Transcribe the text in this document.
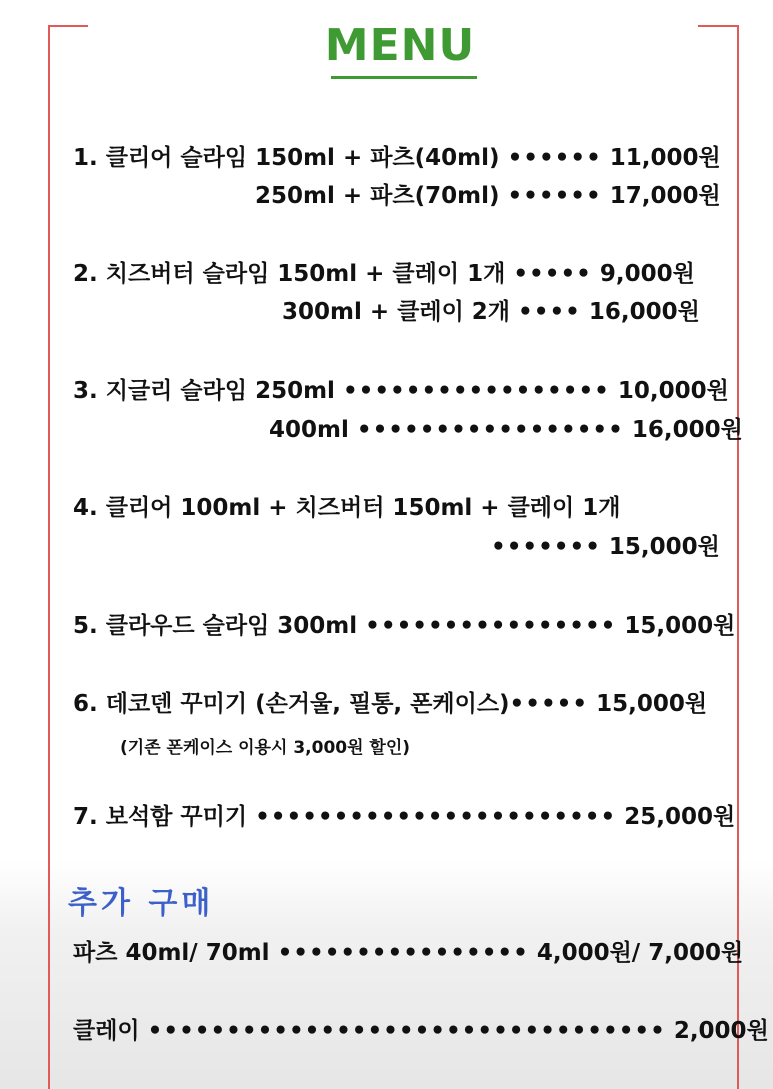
MENU
1. 클리어 슬라임 150ml + 파츠(40ml) •••••• 11,000원
250ml + 파츠(70ml) •••••• 17,000원
2. 치즈버터 슬라임 150ml + 클레이 1개 ••••• 9,000원
300ml + 클레이 2개 •••• 16,000원
3. 지글리 슬라임 250ml ••••••••••••••••• 10,000원
400ml ••••••••••••••••• 16,000원
4. 클리어 100ml + 치즈버터 150ml + 클레이 1개
••••••• 15,000원
5. 클라우드 슬라임 300ml •••••••••••••••• 15,000원
6. 데코덴 꾸미기 (손거울, 필통, 폰케이스)••••• 15,000원
(기존 폰케이스 이용시 3,000원 할인)
7. 보석함 꾸미기 ••••••••••••••••••••••• 25,000원
추가 구매
파츠 40ml/ 70ml •••••••••••••••• 4,000원/ 7,000원
클레이 ••••••••••••••••••••••••••••••••• 2,000원
